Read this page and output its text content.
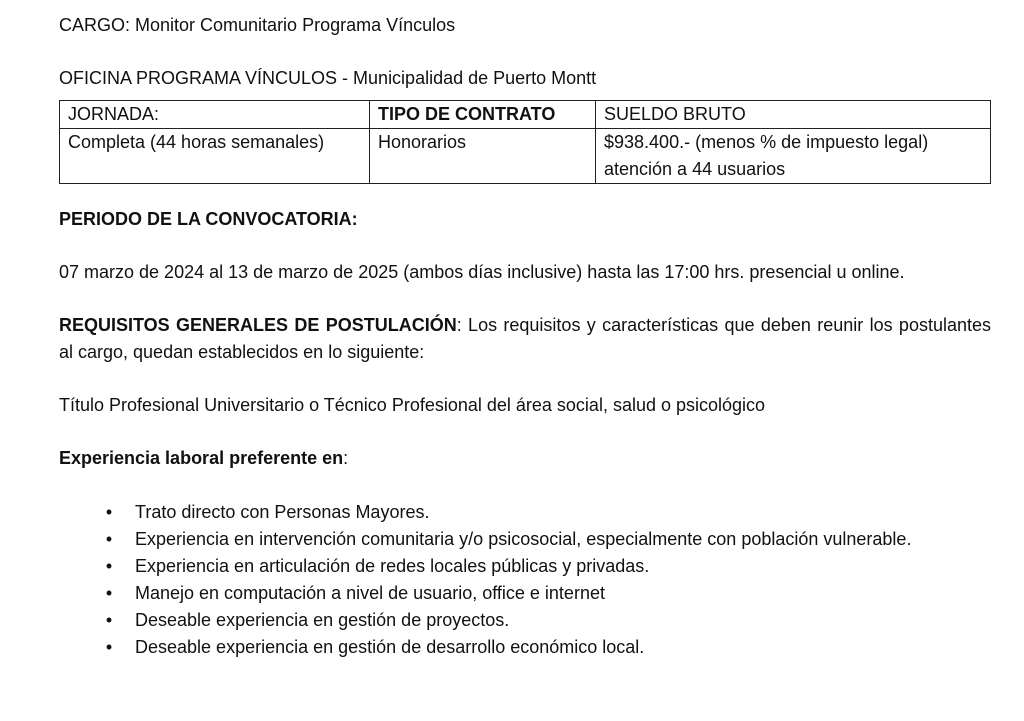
CARGO: Monitor Comunitario Programa Vínculos

OFICINA PROGRAMA VÍNCULOS - Municipalidad de Puerto Montt

JORNADA:	TIPO DE CONTRATO	SUELDO BRUTO
Completa (44 horas semanales)	Honorarios	$938.400.- (menos % de impuesto legal) atención a 44 usuarios

PERIODO DE LA CONVOCATORIA:

07 marzo de 2024 al 13 de marzo de 2025 (ambos días inclusive) hasta las 17:00 hrs. presencial u online.

REQUISITOS GENERALES DE POSTULACIÓN: Los requisitos y características que deben reunir los postulantes al cargo, quedan establecidos en lo siguiente:

Título Profesional Universitario o Técnico Profesional del área social, salud o psicológico

Experiencia laboral preferente en:

•	Trato directo con Personas Mayores.
•	Experiencia en intervención comunitaria y/o psicosocial, especialmente con población vulnerable.
•	Experiencia en articulación de redes locales públicas y privadas.
•	Manejo en computación a nivel de usuario, office e internet
•	Deseable experiencia en gestión de proyectos.
•	Deseable experiencia en gestión de desarrollo económico local.
